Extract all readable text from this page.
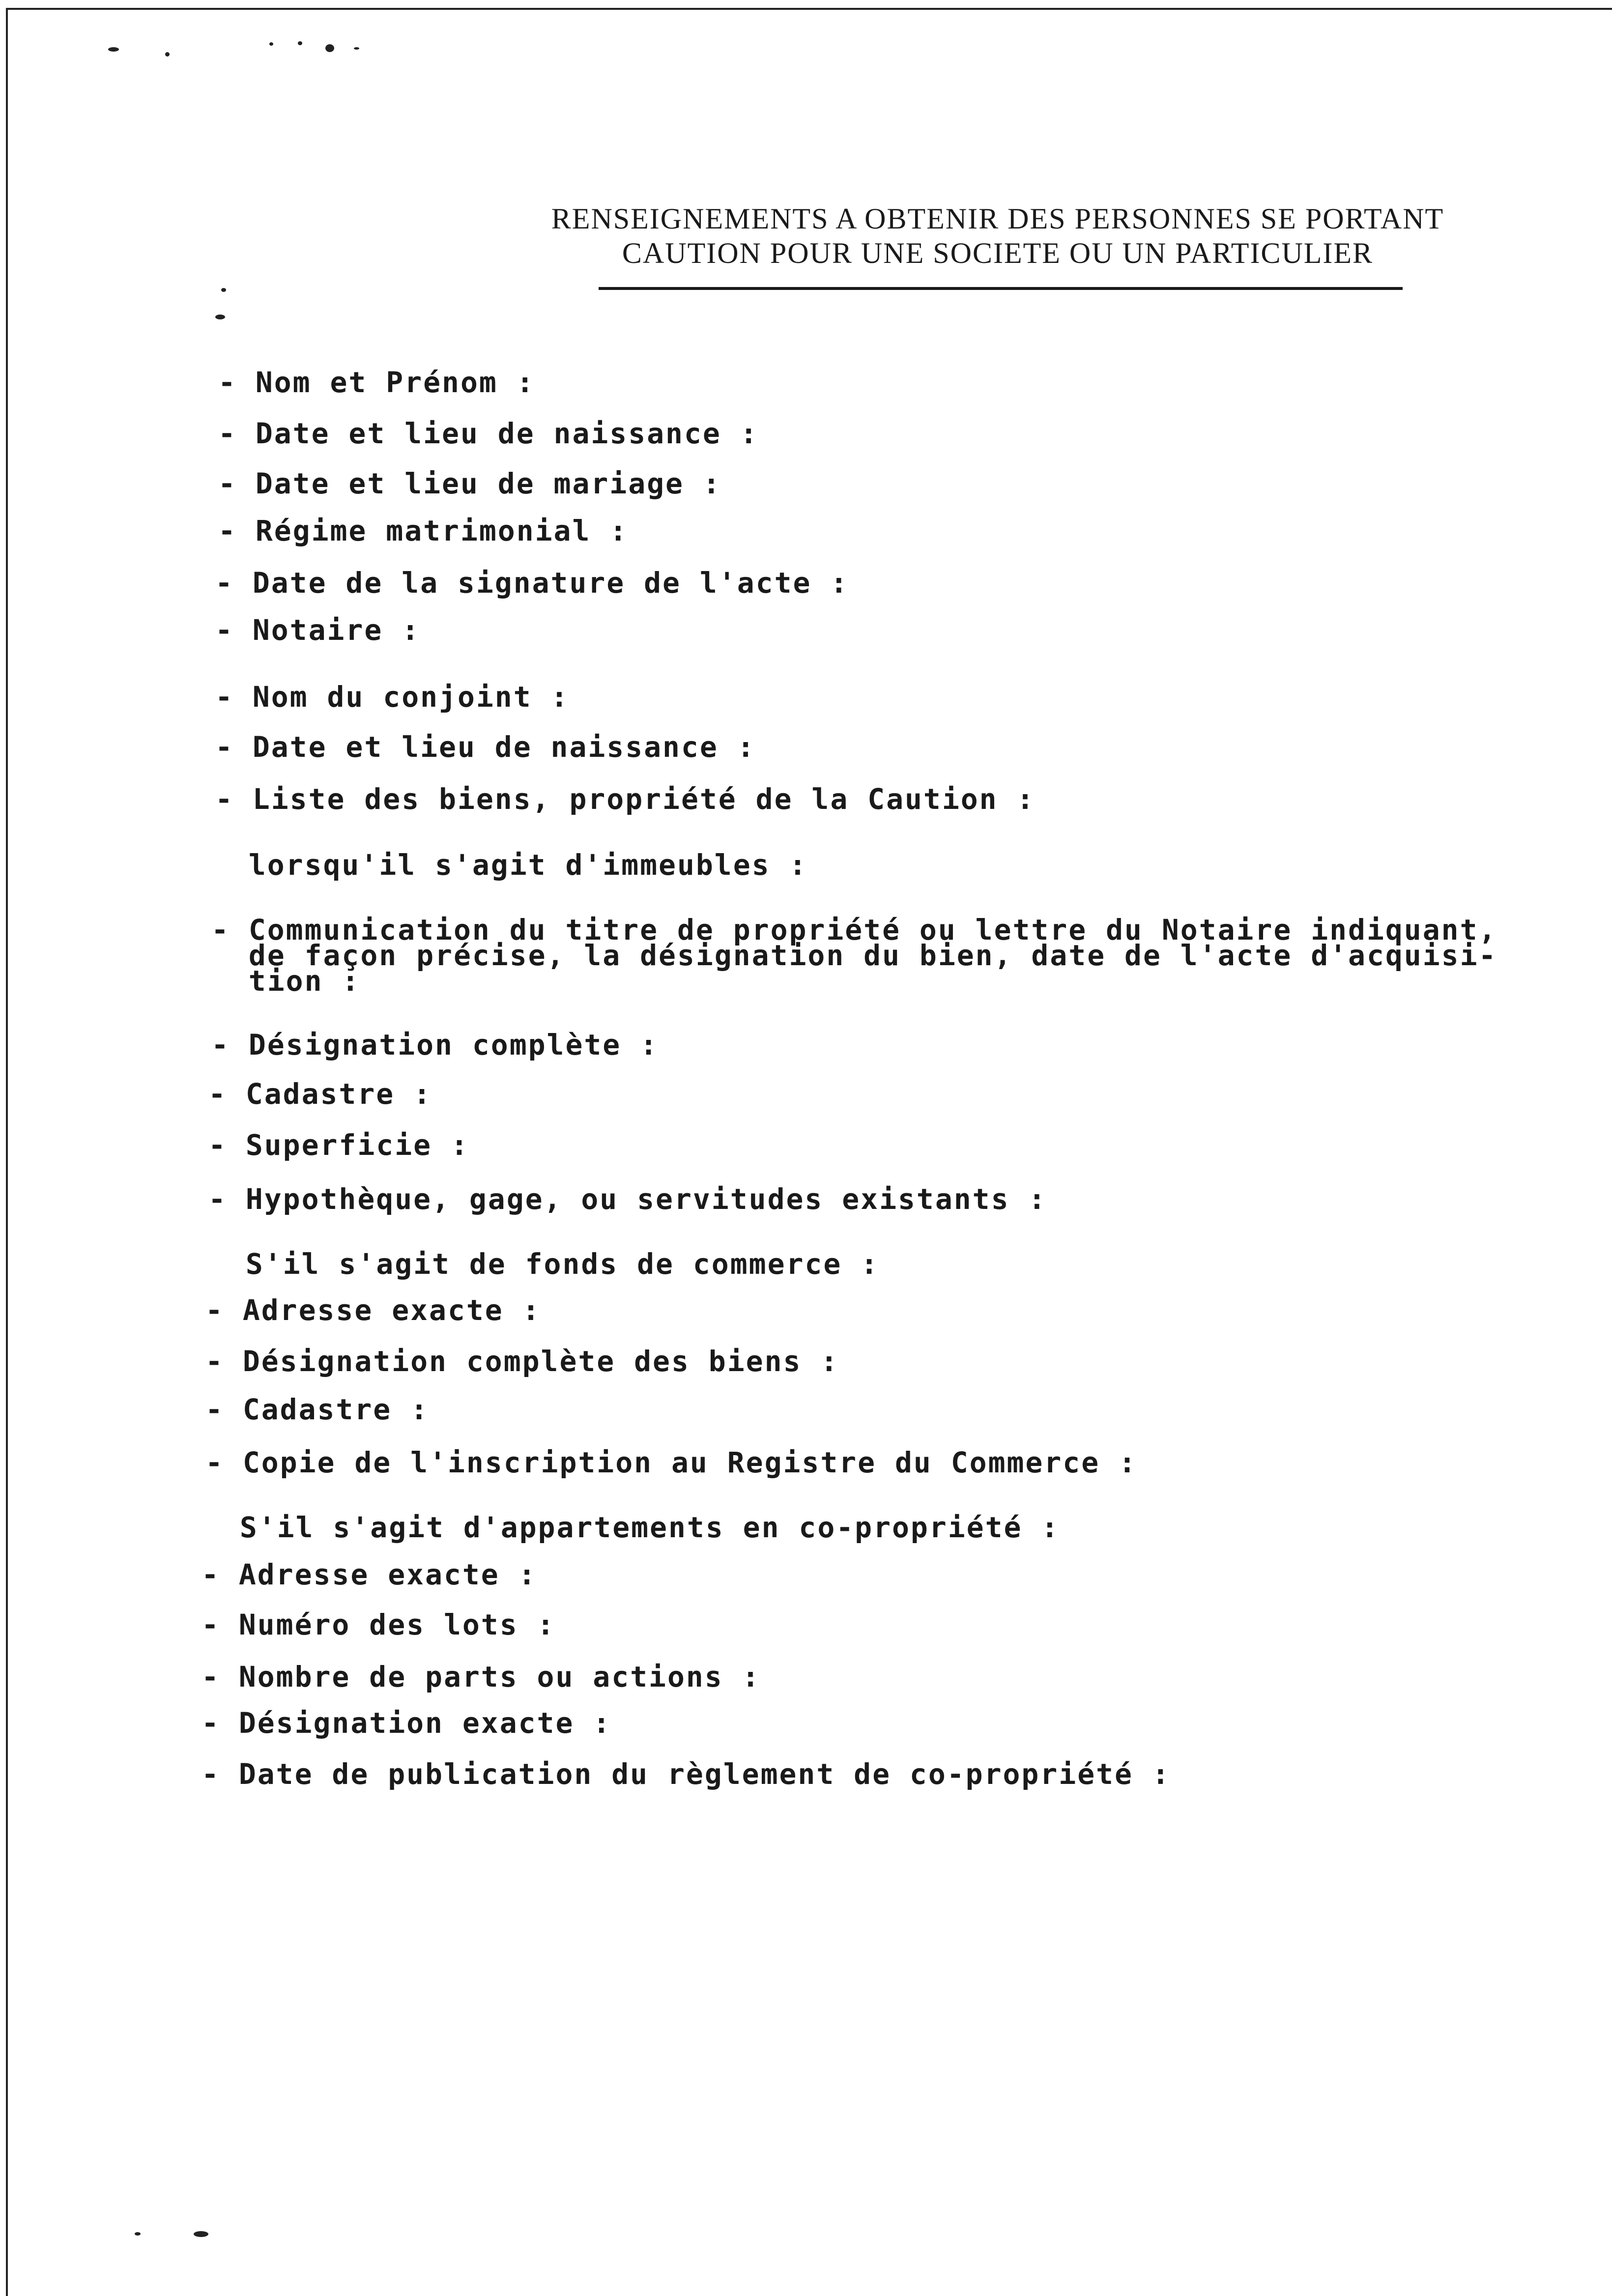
RENSEIGNEMENTS A OBTENIR DES PERSONNES SE PORTANT
CAUTION POUR UNE SOCIETE OU UN PARTICULIER
- Nom et Prénom :
- Date et lieu de naissance :
- Date et lieu de mariage :
- Régime matrimonial :
- Date de la signature de l'acte :
- Notaire :
- Nom du conjoint :
- Date et lieu de naissance :
- Liste des biens, propriété de la Caution :
lorsqu'il s'agit d'immeubles :
- Communication du titre de propriété ou lettre du Notaire indiquant,
de façon précise, la désignation du bien, date de l'acte d'acquisi-
tion :
- Désignation complète :
- Cadastre :
- Superficie :
- Hypothèque, gage, ou servitudes existants :
S'il s'agit de fonds de commerce :
- Adresse exacte :
- Désignation complète des biens :
- Cadastre :
- Copie de l'inscription au Registre du Commerce :
S'il s'agit d'appartements en co-propriété :
- Adresse exacte :
- Numéro des lots :
- Nombre de parts ou actions :
- Désignation exacte :
- Date de publication du règlement de co-propriété :
